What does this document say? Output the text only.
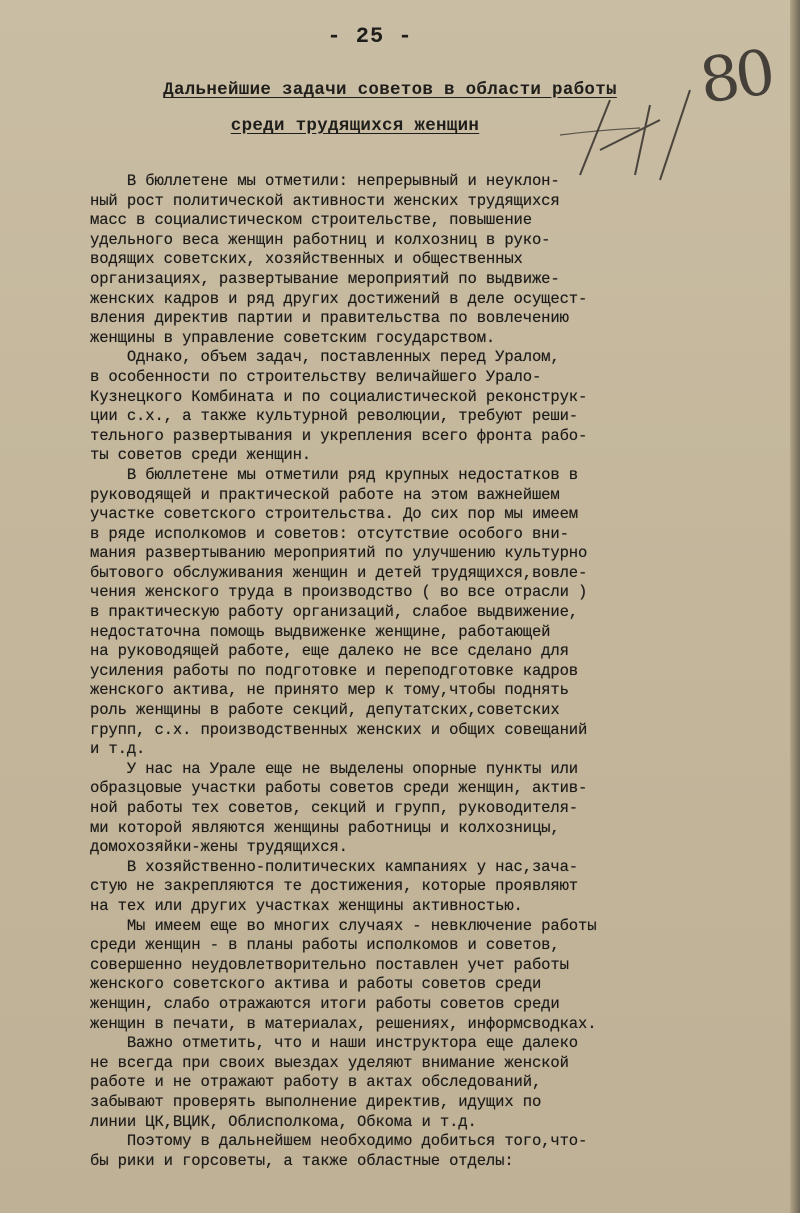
- 25 -
Дальнейшие задачи советов в области работы
среди трудящихся женщин
80
В бюллетене мы отметили: непрерывный и неуклон-
ный рост политической активности женских трудящихся
масс в социалистическом строительстве, повышение
удельного веса женщин работниц и колхозниц в руко-
водящих советских, хозяйственных и общественных
организациях, развертывание мероприятий по выдвиже-
женских кадров и ряд других достижений в деле осущест-
вления директив партии и правительства по вовлечению
женщины в управление советским государством.
Однако, объем задач, поставленных перед Уралом,
в особенности по строительству величайшего Урало-
Кузнецкого Комбината и по социалистической реконструк-
ции с.х., а также культурной революции, требуют реши-
тельного развертывания и укрепления всего фронта рабо-
ты советов среди женщин.
В бюллетене мы отметили ряд крупных недостатков в
руководящей и практической работе на этом важнейшем
участке советского строительства. До сих пор мы имеем
в ряде исполкомов и советов: отсутствие особого вни-
мания развертыванию мероприятий по улучшению культурно
бытового обслуживания женщин и детей трудящихся,вовле-
чения женского труда в производство ( во все отрасли )
в практическую работу организаций, слабое выдвижение,
недостаточна помощь выдвиженке женщине, работающей
на руководящей работе, еще далеко не все сделано для
усиления работы по подготовке и переподготовке кадров
женского актива, не принято мер к тому,чтобы поднять
роль женщины в работе секций, депутатских,советских
групп, с.х. производственных женских и общих совещаний
и т.д.
У нас на Урале еще не выделены опорные пункты или
образцовые участки работы советов среди женщин, актив-
ной работы тех советов, секций и групп, руководителя-
ми которой являются женщины работницы и колхозницы,
домохозяйки-жены трудящихся.
В хозяйственно-политических кампаниях у нас,зача-
стую не закрепляются те достижения, которые проявляют
на тех или других участках женщины активностью.
Мы имеем еще во многих случаях - невключение работы
среди женщин - в планы работы исполкомов и советов,
совершенно неудовлетворительно поставлен учет работы
женского советского актива и работы советов среди
женщин, слабо отражаются итоги работы советов среди
женщин в печати, в материалах, решениях, информсводках.
Важно отметить, что и наши инструктора еще далеко
не всегда при своих выездах уделяют внимание женской
работе и не отражают работу в актах обследований,
забывают проверять выполнение директив, идущих по
линии ЦК,ВЦИК, Облисполкома, Обкома и т.д.
Поэтому в дальнейшем необходимо добиться того,что-
бы рики и горсоветы, а также областные отделы:
